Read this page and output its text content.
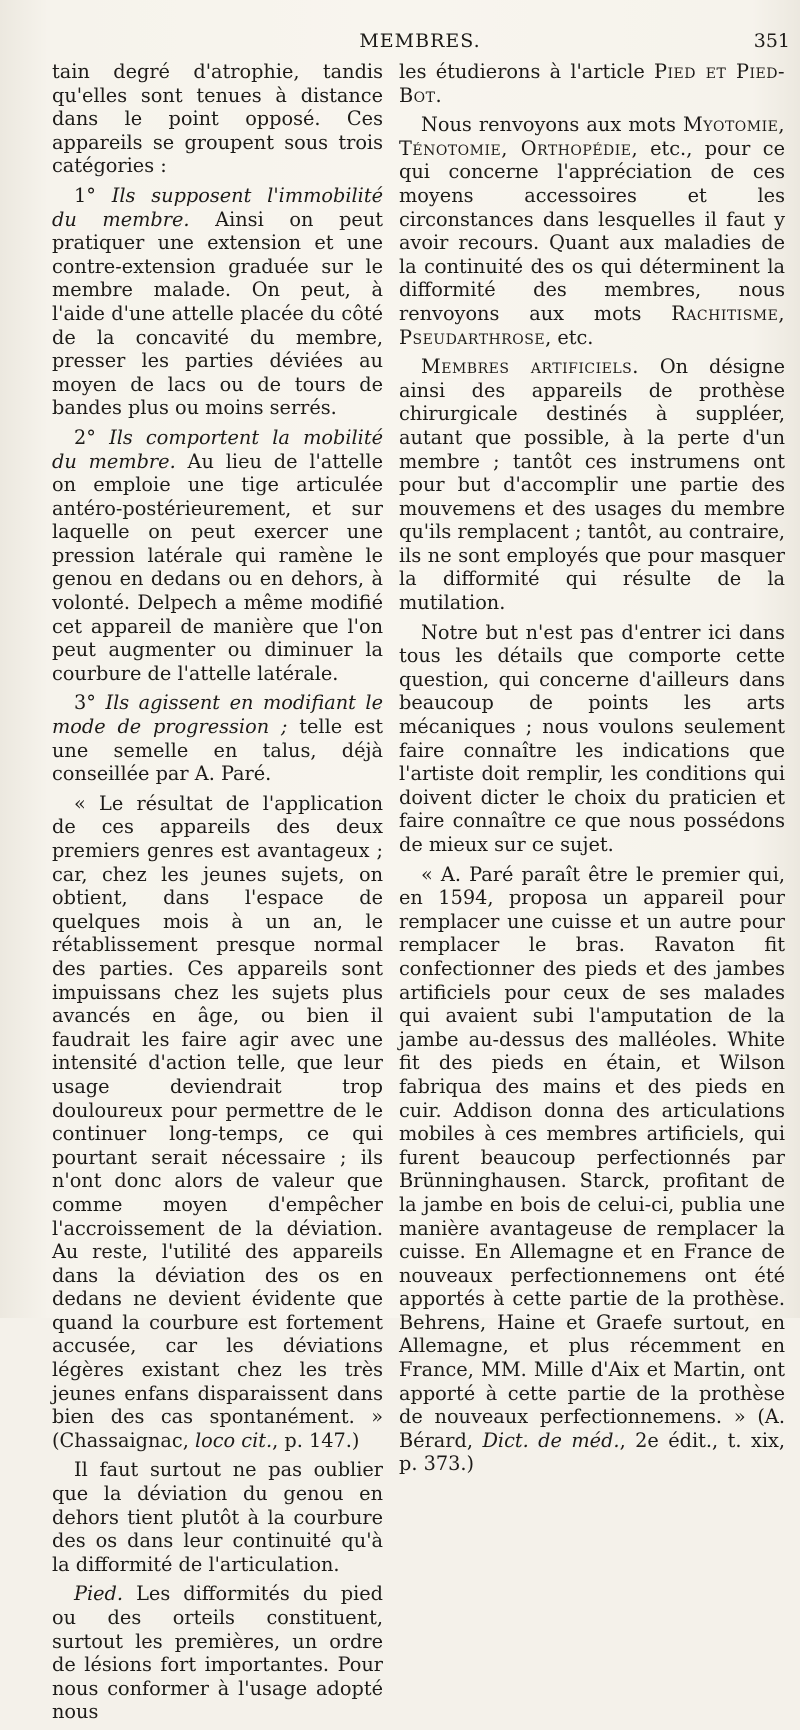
MEMBRES.	351

tain degré d'atrophie, tandis qu'elles sont tenues à distance dans le point opposé. Ces appareils se groupent sous trois catégories :

1° Ils supposent l'immobilité du membre. Ainsi on peut pratiquer une extension et une contre-extension graduée sur le membre malade. On peut, à l'aide d'une attelle placée du côté de la concavité du membre, presser les parties déviées au moyen de lacs ou de tours de bandes plus ou moins serrés.

2° Ils comportent la mobilité du membre. Au lieu de l'attelle on emploie une tige articulée antéro-postérieurement, et sur laquelle on peut exercer une pression latérale qui ramène le genou en dedans ou en dehors, à volonté. Delpech a même modifié cet appareil de manière que l'on peut augmenter ou diminuer la courbure de l'attelle latérale.

3° Ils agissent en modifiant le mode de progression ; telle est une semelle en talus, déjà conseillée par A. Paré.

« Le résultat de l'application de ces appareils des deux premiers genres est avantageux ; car, chez les jeunes sujets, on obtient, dans l'espace de quelques mois à un an, le rétablissement presque normal des parties. Ces appareils sont impuissans chez les sujets plus avancés en âge, ou bien il faudrait les faire agir avec une intensité d'action telle, que leur usage deviendrait trop douloureux pour permettre de le continuer long-temps, ce qui pourtant serait nécessaire ; ils n'ont donc alors de valeur que comme moyen d'empêcher l'accroissement de la déviation. Au reste, l'utilité des appareils dans la déviation des os en dedans ne devient évidente que quand la courbure est fortement accusée, car les déviations légères existant chez les très jeunes enfans disparaissent dans bien des cas spontanément. » (Chassaignac, loco cit., p. 147.)

Il faut surtout ne pas oublier que la déviation du genou en dehors tient plutôt à la courbure des os dans leur continuité qu'à la difformité de l'articulation.

Pied. Les difformités du pied ou des orteils constituent, surtout les premières, un ordre de lésions fort importantes. Pour nous conformer à l'usage adopté nous

les étudierons à l'article Pied et Pied-Bot.

Nous renvoyons aux mots Myotomie, Ténotomie, Orthopédie, etc., pour ce qui concerne l'appréciation de ces moyens accessoires et les circonstances dans lesquelles il faut y avoir recours. Quant aux maladies de la continuité des os qui déterminent la difformité des membres, nous renvoyons aux mots Rachitisme, Pseudarthrose, etc.

Membres artificiels. On désigne ainsi des appareils de prothèse chirurgicale destinés à suppléer, autant que possible, à la perte d'un membre ; tantôt ces instrumens ont pour but d'accomplir une partie des mouvemens et des usages du membre qu'ils remplacent ; tantôt, au contraire, ils ne sont employés que pour masquer la difformité qui résulte de la mutilation.

Notre but n'est pas d'entrer ici dans tous les détails que comporte cette question, qui concerne d'ailleurs dans beaucoup de points les arts mécaniques ; nous voulons seulement faire connaître les indications que l'artiste doit remplir, les conditions qui doivent dicter le choix du praticien et faire connaître ce que nous possédons de mieux sur ce sujet.

« A. Paré paraît être le premier qui, en 1594, proposa un appareil pour remplacer une cuisse et un autre pour remplacer le bras. Ravaton fit confectionner des pieds et des jambes artificiels pour ceux de ses malades qui avaient subi l'amputation de la jambe au-dessus des malléoles. White fit des pieds en étain, et Wilson fabriqua des mains et des pieds en cuir. Addison donna des articulations mobiles à ces membres artificiels, qui furent beaucoup perfectionnés par Brünninghausen. Starck, profitant de la jambe en bois de celui-ci, publia une manière avantageuse de remplacer la cuisse. En Allemagne et en France de nouveaux perfectionnemens ont été apportés à cette partie de la prothèse. Behrens, Haine et Graefe surtout, en Allemagne, et plus récemment en France, MM. Mille d'Aix et Martin, ont apporté à cette partie de la prothèse de nouveaux perfectionnemens. » (A. Bérard, Dict. de méd., 2e édit., t. xix, p. 373.)
